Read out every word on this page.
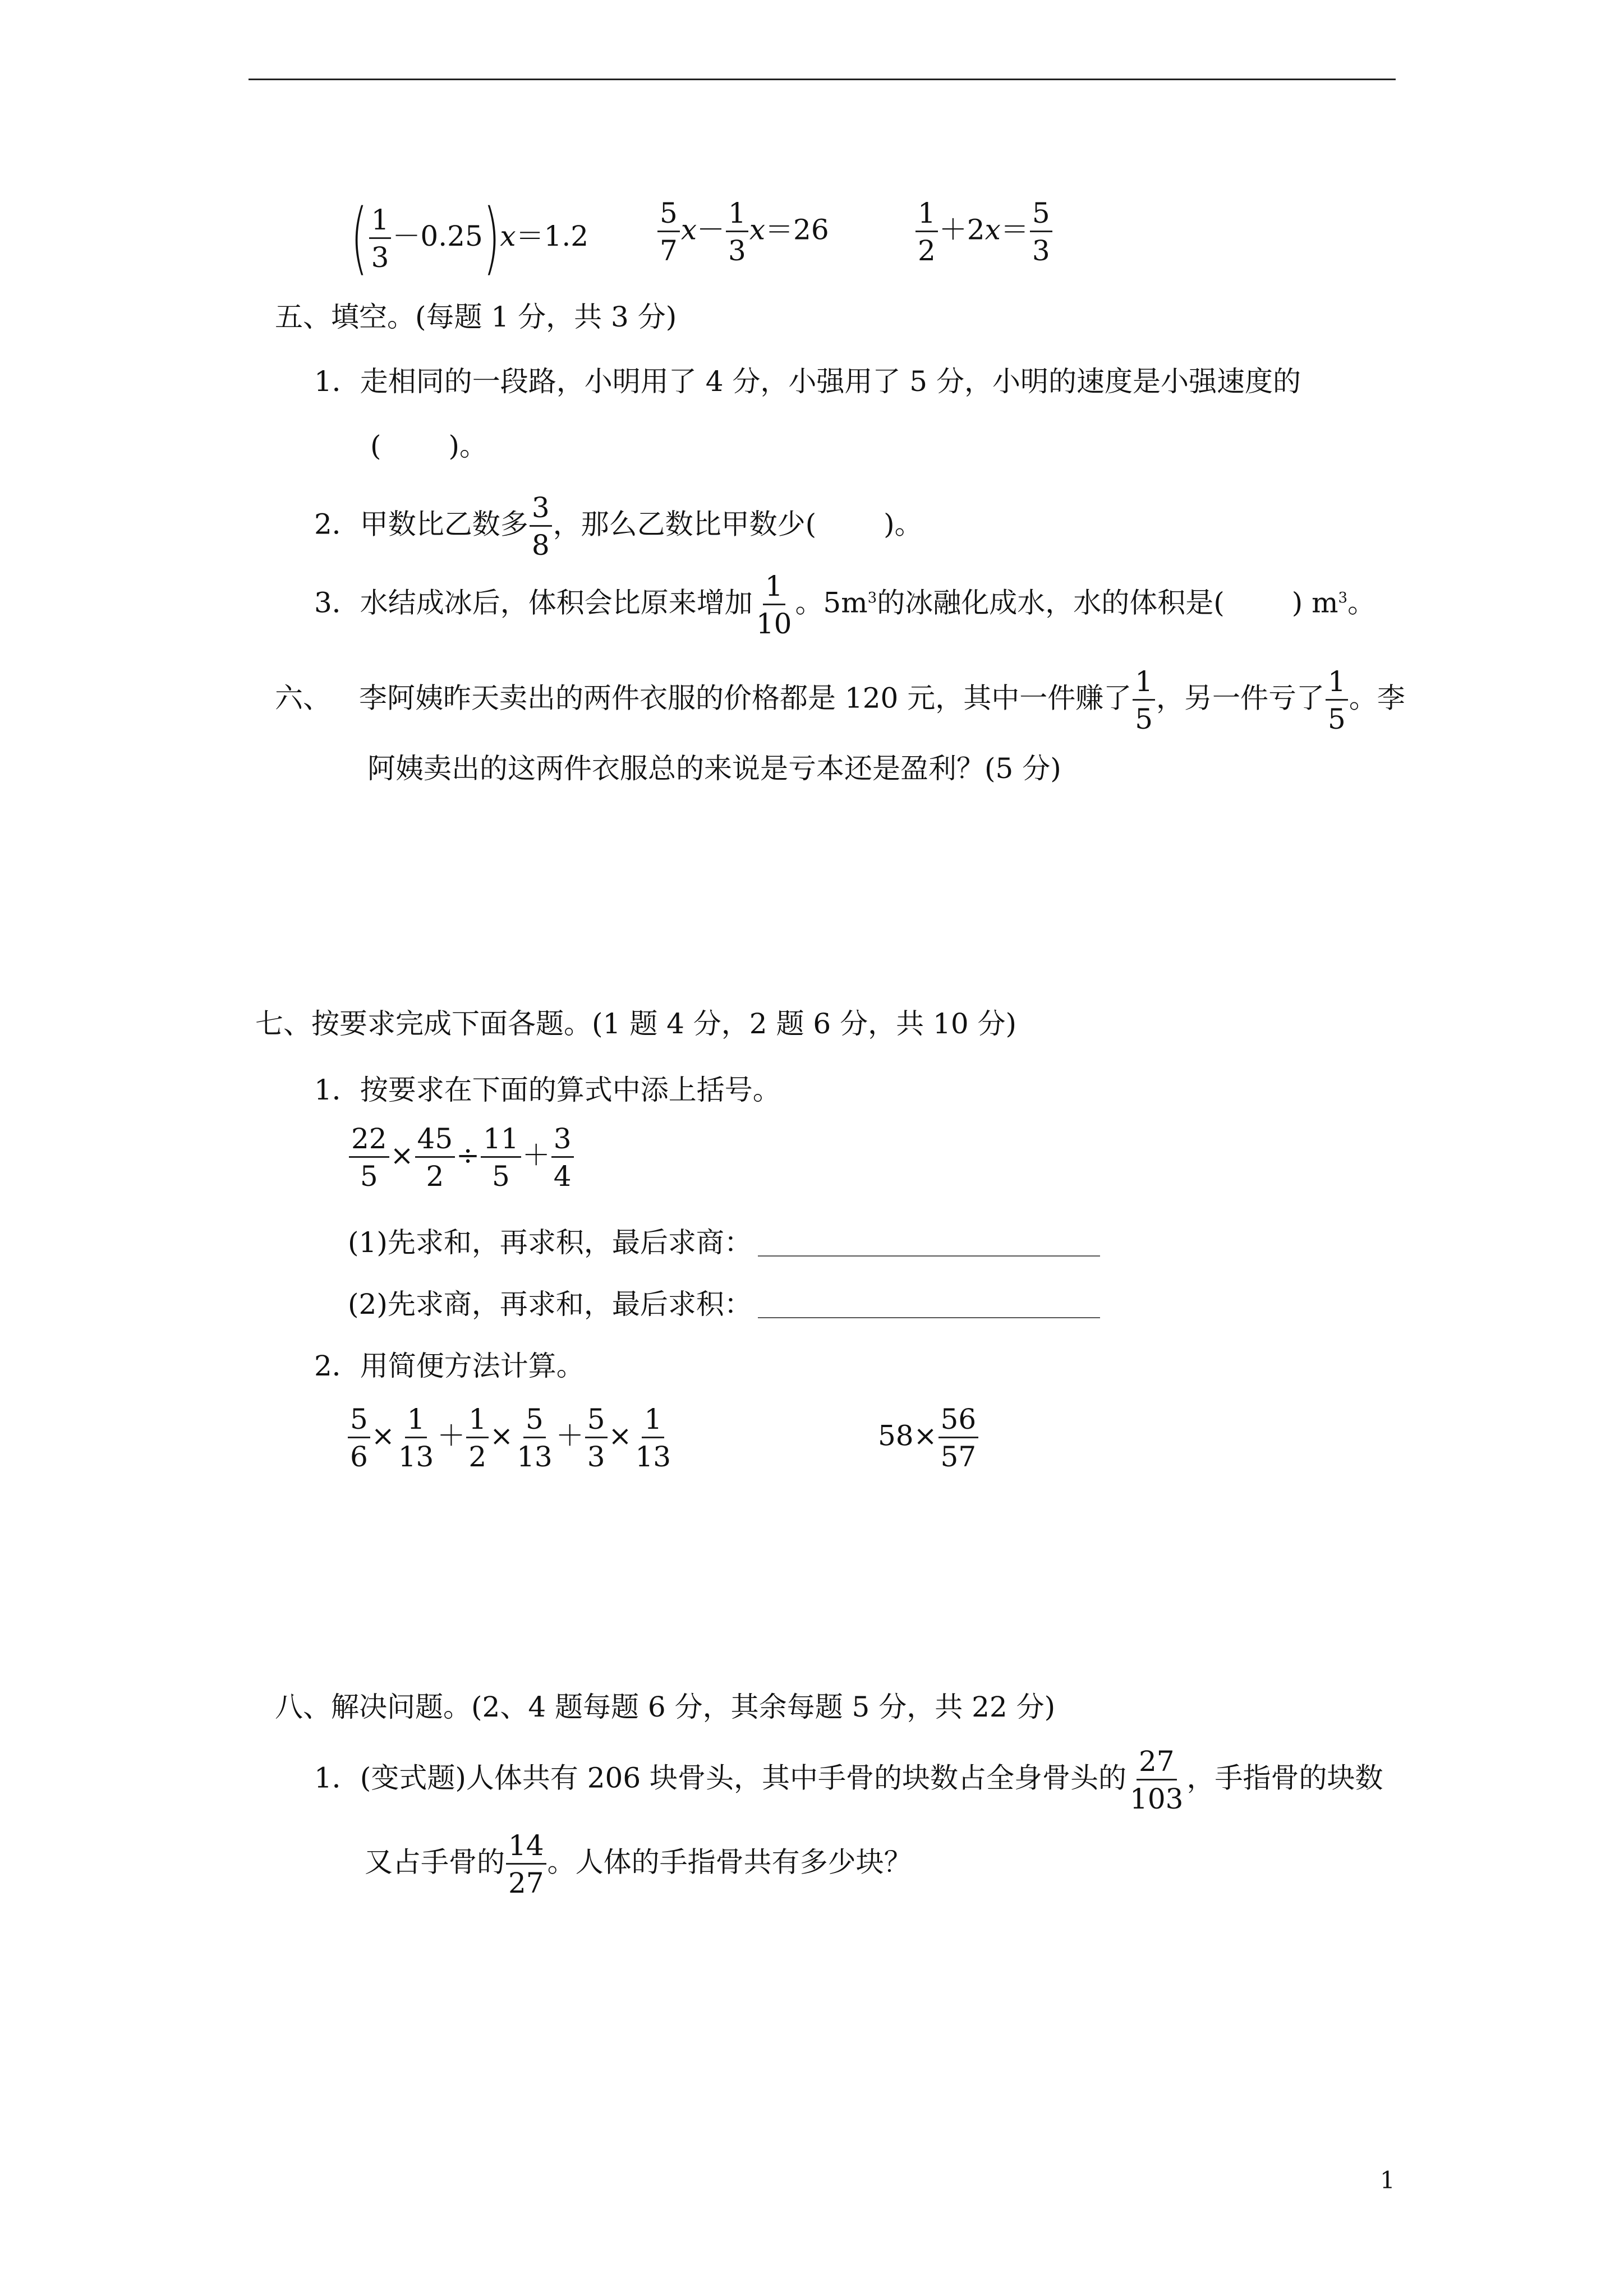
( $\frac{1}{3} -0.25)x=1.2 \frac{5}{7} x- \frac{1}{3} x=26$	$\frac{1}{2} +2x= \frac{5}{3}$
五、填空。(每题 1 分，共 3 分)
1．走相同的一段路，小明用了 4 分，小强用了 5 分，小明的速度是小强速度的
( )。
2．甲数比乙数多 $\frac{3}{8}$ ，那么乙数比甲数少( )。
3．水结成冰后，体积会比原来增加 $\frac{1}{10}$ 。$5m^3$的冰融化成水，水的体积是( ) $m^3$。
六、 李阿姨昨天卖出的两件衣服的价格都是 120 元，其中一件赚了 $\frac{1}{5}$ ，另一件亏了 $\frac{1}{5}$ 。李
阿姨卖出的这两件衣服总的来说是亏本还是盈利？(5 分)
七、按要求完成下面各题。(1 题 4 分，2 题 6 分，共 10 分)
1．按要求在下面的算式中添上括号。
$\frac{22}{5} \times \frac{45}{2} \div \frac{11}{5} + \frac{3}{4}$
(1)先求和，再求积，最后求商：
(2)先求商，再求和，最后求积：
2．用简便方法计算。
$\frac{5}{6} \times \frac{1}{13} + \frac{1}{2} \times \frac{5}{13} + \frac{5}{3} \times \frac{1}{13}$	$58\times \frac{56}{57}$
八、解决问题。(2、4 题每题 6 分，其余每题 5 分，共 22 分)
1．(变式题)人体共有 206 块骨头，其中手骨的块数占全身骨头的 $\frac{27}{103}$ ，手指骨的块数
又占手骨的 $\frac{14}{27}$ 。人体的手指骨共有多少块？
1
